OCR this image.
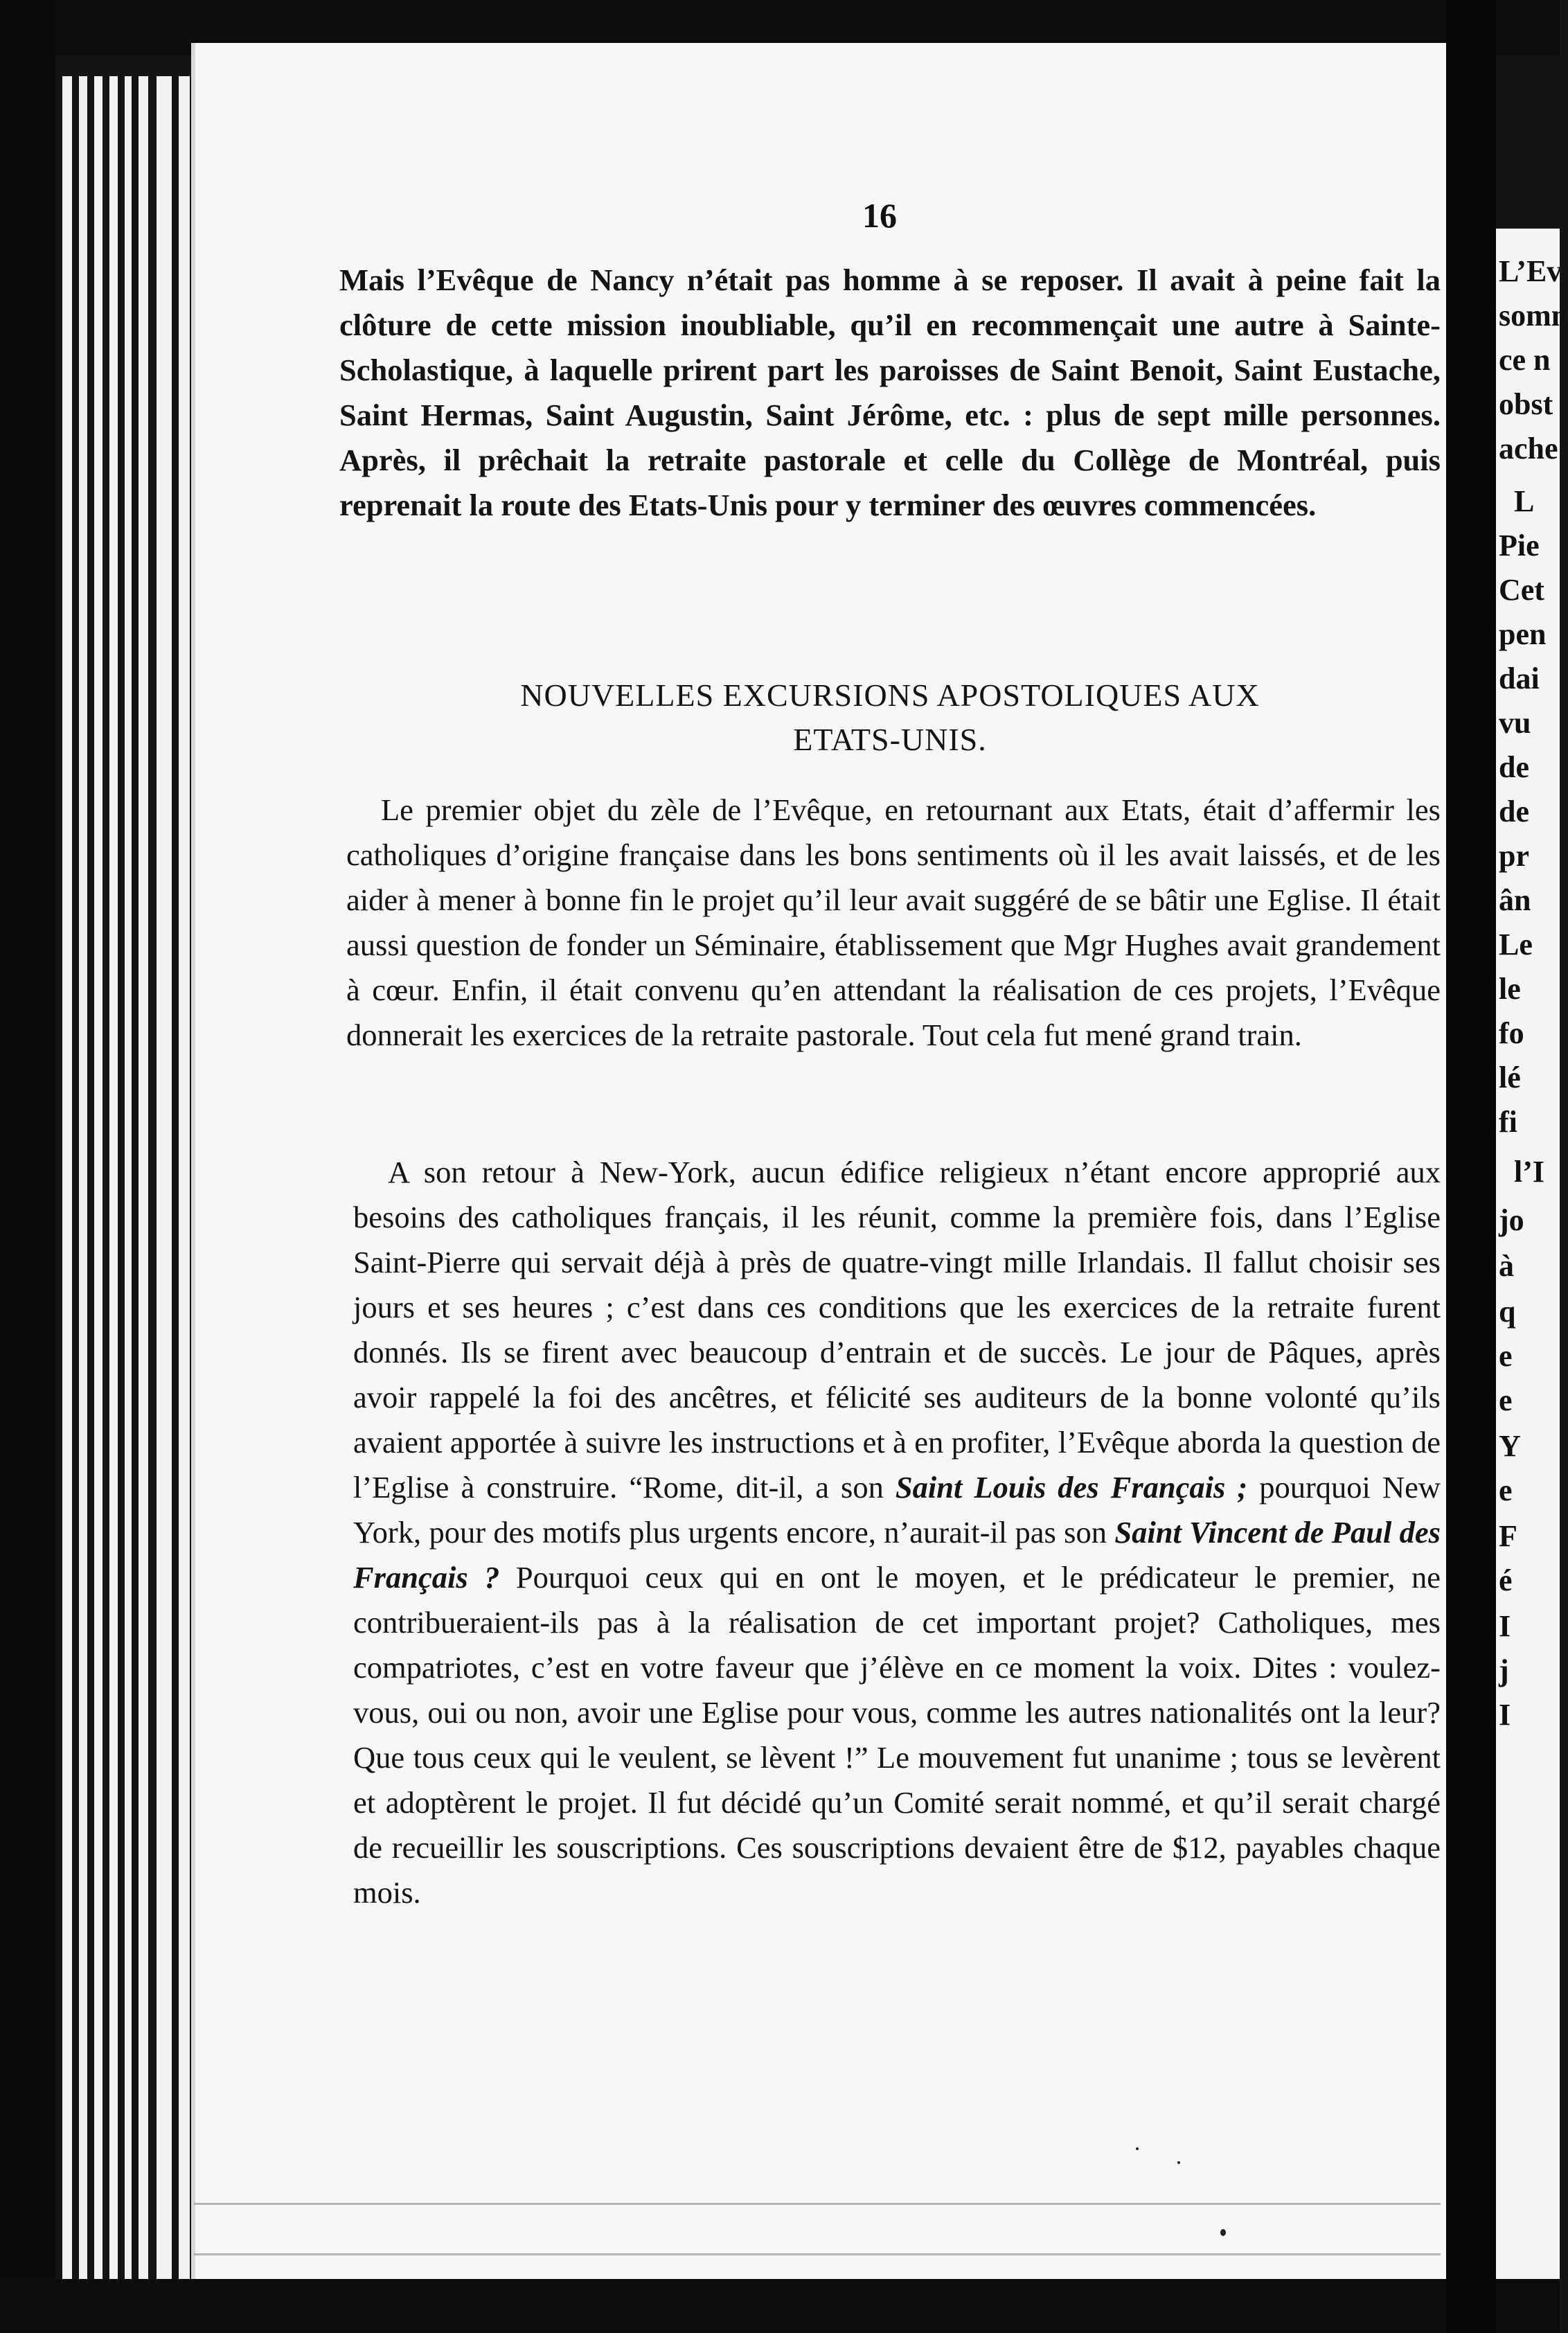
16

Mais l’Evêque de Nancy n’était pas homme à se reposer. Il avait à peine fait la clôture de cette mission inoubliable, qu’il en recommençait une autre à Sainte-Scholastique, à laquelle prirent part les paroisses de Saint Benoit, Saint Eustache, Saint Hermas, Saint Augustin, Saint Jérôme, etc. : plus de sept mille personnes. Après, il prêchait la retraite pastorale et celle du Collège de Montréal, puis reprenait la route des Etats-Unis pour y terminer des œuvres commencées.

NOUVELLES EXCURSIONS APOSTOLIQUES AUX
ETATS-UNIS.

Le premier objet du zèle de l’Evêque, en retournant aux Etats, était d’affermir les catholiques d’origine française dans les bons sentiments où il les avait laissés, et de les aider à mener à bonne fin le projet qu’il leur avait suggéré de se bâtir une Eglise. Il était aussi question de fonder un Séminaire, établissement que Mgr Hughes avait grandement à cœur. Enfin, il était convenu qu’en attendant la réalisation de ces projets, l’Evêque donnerait les exercices de la retraite pastorale. Tout cela fut mené grand train.

A son retour à New-York, aucun édifice religieux n’étant encore approprié aux besoins des catholiques français, il les réunit, comme la première fois, dans l’Eglise Saint-Pierre qui servait déjà à près de quatre-vingt mille Irlandais. Il fallut choisir ses jours et ses heures ; c’est dans ces conditions que les exercices de la retraite furent donnés. Ils se firent avec beaucoup d’entrain et de succès. Le jour de Pâques, après avoir rappelé la foi des ancêtres, et félicité ses auditeurs de la bonne volonté qu’ils avaient apportée à suivre les instructions et à en profiter, l’Evêque aborda la question de l’Eglise à construire. “Rome, dit-il, a son Saint Louis des Français ; pourquoi New York, pour des motifs plus urgents encore, n’aurait-il pas son Saint Vincent de Paul des Français ? Pourquoi ceux qui en ont le moyen, et le prédicateur le premier, ne contribueraient-ils pas à la réalisation de cet important projet? Catholiques, mes compatriotes, c’est en votre faveur que j’élève en ce moment la voix. Dites : voulez-vous, oui ou non, avoir une Eglise pour vous, comme les autres nationalités ont la leur? Que tous ceux qui le veulent, se lèvent !” Le mouvement fut unanime ; tous se levèrent et adoptèrent le projet. Il fut décidé qu’un Comité serait nommé, et qu’il serait chargé de recueillir les souscriptions. Ces souscriptions devaient être de $12, payables chaque mois.

L’Ev
somn
ce n
obst
ache
L
Pie
Cet
pen
dai
vu
de
de
pr
ân
Le
le
fo
lé
fi
l’I
jo
à
q
e
e
Y
e
F
é
I
j
I
